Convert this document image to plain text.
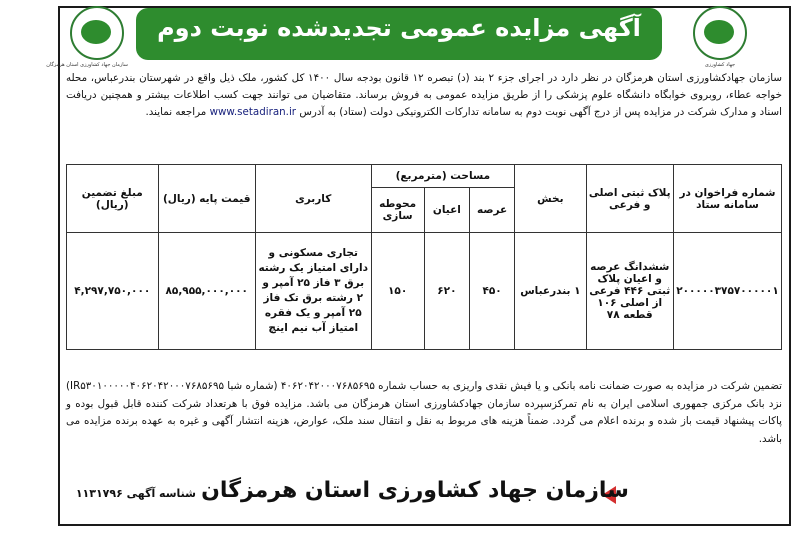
سازمان جهاد کشاورزی استان هرمزگان
آگهی مزایده عمومی تجدیدشده نوبت دوم
جهاد کشاورزی
سازمان جهادکشاورزی استان هرمزگان در نظر دارد در اجرای جزء ۲ بند (د) تبصره ۱۲ قانون بودجه سال ۱۴۰۰ کل کشور، ملک ذیل واقع در شهرستان بندرعباس، محله خواجه عطاء، روبروی خوابگاه دانشگاه علوم پزشکی را از طریق مزایده عمومی به فروش برساند. متقاضیان می توانند جهت کسب اطلاعات بیشتر و همچنین دریافت اسناد و مدارک شرکت در مزایده پس از درج آگهی نوبت دوم به سامانه تدارکات الکترونیکی دولت (ستاد) به آدرس www.setadiran.ir مراجعه نمایند.
شماره فراخوان در سامانه ستاد	پلاک ثبتی اصلی و فرعی	بخش	مساحت (مترمربع)			کاربری	قیمت پایه (ریال)	مبلغ تضمین (ریال)
			عرصه	اعیان	محوطه سازی			
۲۰۰۰۰۰۳۷۵۷۰۰۰۰۰۱	ششدانگ عرصه و اعیان پلاک ثبتی ۴۴۶ فرعی از اصلی ۱۰۶ قطعه ۷۸	۱ بندرعباس	۴۵۰	۶۲۰	۱۵۰	تجاری مسکونی و دارای امتیاز یک رشته برق ۳ فاز ۲۵ آمپر و ۲ رشته برق تک فاز ۲۵ آمپر و یک فقره امتیاز آب نیم اینچ	۸۵,۹۵۵,۰۰۰,۰۰۰	۴,۲۹۷,۷۵۰,۰۰۰
تضمین شرکت در مزایده به صورت ضمانت نامه بانکی و یا فیش نقدی واریزی به حساب شماره ۴۰۶۲۰۴۲۰۰۰۷۶۸۵۶۹۵ (شماره شبا IR۵۳۰۱۰۰۰۰۰۴۰۶۲۰۴۲۰۰۰۷۶۸۵۶۹۵) نزد بانک مرکزی جمهوری اسلامی ایران به نام تمرکزسپرده سازمان جهادکشاورزی استان هرمزگان می باشد. مزایده فوق با هرتعداد شرکت کننده قابل قبول بوده و پاکات پیشنهاد قیمت باز شده و برنده اعلام می گردد. ضمناً هزینه های مربوط به نقل و انتقال سند ملک، عوارض، هزینه انتشار آگهی و غیره به عهده برنده مزایده می باشد.
سازمان جهاد کشاورزی استان هرمزگان
شناسه آگهی ۱۱۳۱۷۹۶
